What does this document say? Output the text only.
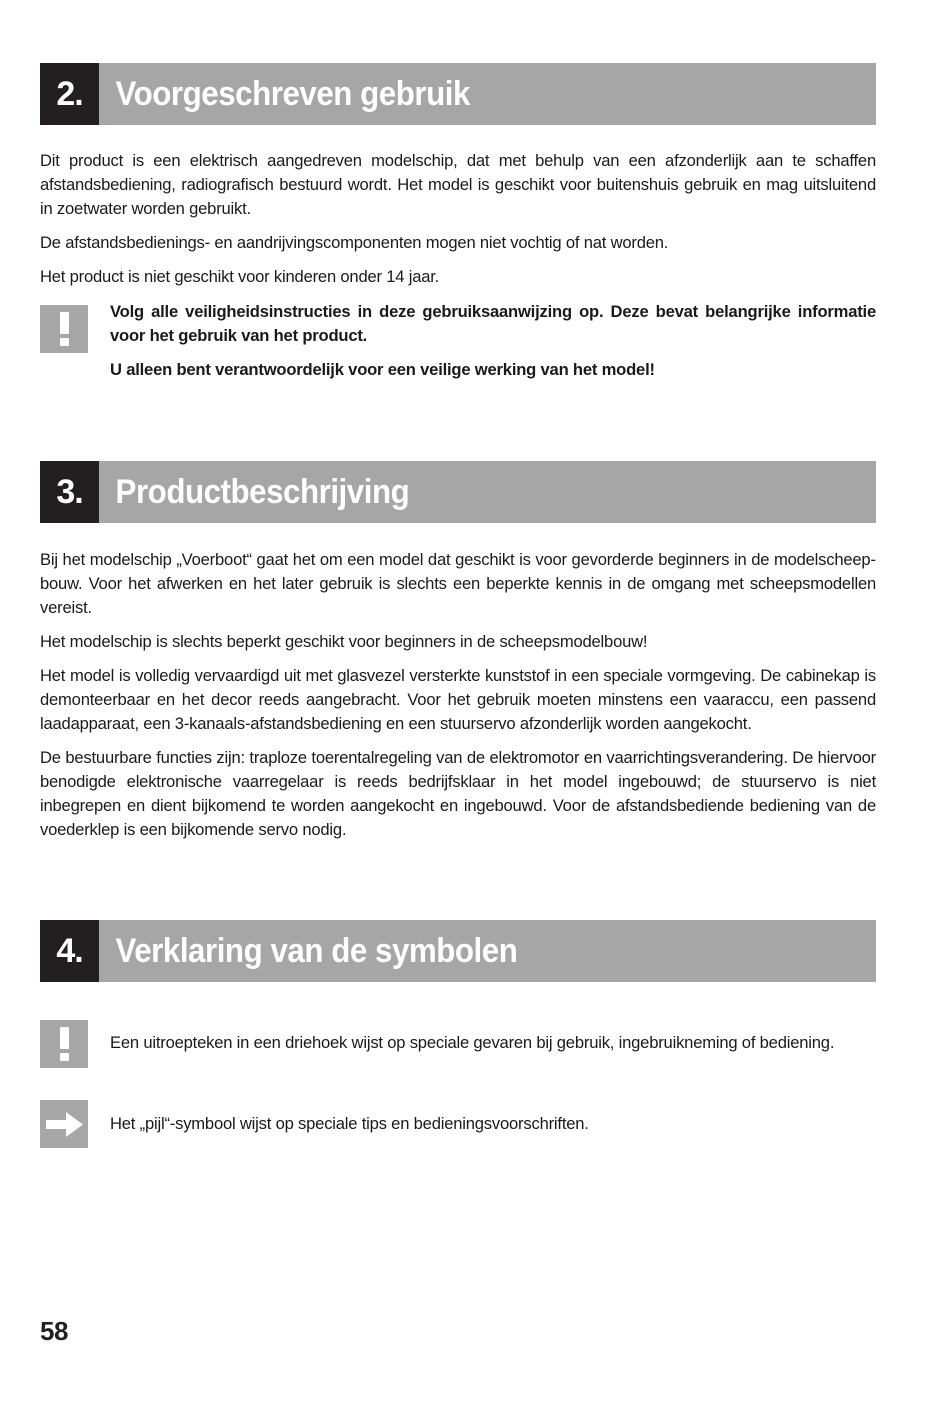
2. Voorgeschreven gebruik

Dit product is een elektrisch aangedreven modelschip, dat met behulp van een afzonderlijk aan te schaffen afstandsbediening, radiografisch bestuurd wordt. Het model is geschikt voor buitenshuis gebruik en mag uitsluitend in zoetwater worden gebruikt.

De afstandsbedienings- en aandrijvingscomponenten mogen niet vochtig of nat worden.

Het product is niet geschikt voor kinderen onder 14 jaar.

Volg alle veiligheidsinstructies in deze gebruiksaanwijzing op. Deze bevat belangrijke informatie voor het gebruik van het product.

U alleen bent verantwoordelijk voor een veilige werking van het model!

3. Productbeschrijving

Bij het modelschip „Voerboot“ gaat het om een model dat geschikt is voor gevorderde beginners in de modelscheepbouw. Voor het afwerken en het later gebruik is slechts een beperkte kennis in de omgang met scheepsmodellen vereist.

Het modelschip is slechts beperkt geschikt voor beginners in de scheepsmodelbouw!

Het model is volledig vervaardigd uit met glasvezel versterkte kunststof in een speciale vormgeving. De cabinekap is demonteerbaar en het decor reeds aangebracht. Voor het gebruik moeten minstens een vaaraccu, een passend laadapparaat, een 3-kanaals-afstandsbediening en een stuurservo afzonderlijk worden aangekocht.

De bestuurbare functies zijn: traploze toerentalregeling van de elektromotor en vaarrichtingsverandering. De hiervoor benodigde elektronische vaarregelaar is reeds bedrijfsklaar in het model ingebouwd; de stuurservo is niet inbegrepen en dient bijkomend te worden aangekocht en ingebouwd. Voor de afstandsbediende bediening van de voederklep is een bijkomende servo nodig.

4. Verklaring van de symbolen

Een uitroepteken in een driehoek wijst op speciale gevaren bij gebruik, ingebruikneming of bediening.

Het „pijl“-symbool wijst op speciale tips en bedieningsvoorschriften.

58
